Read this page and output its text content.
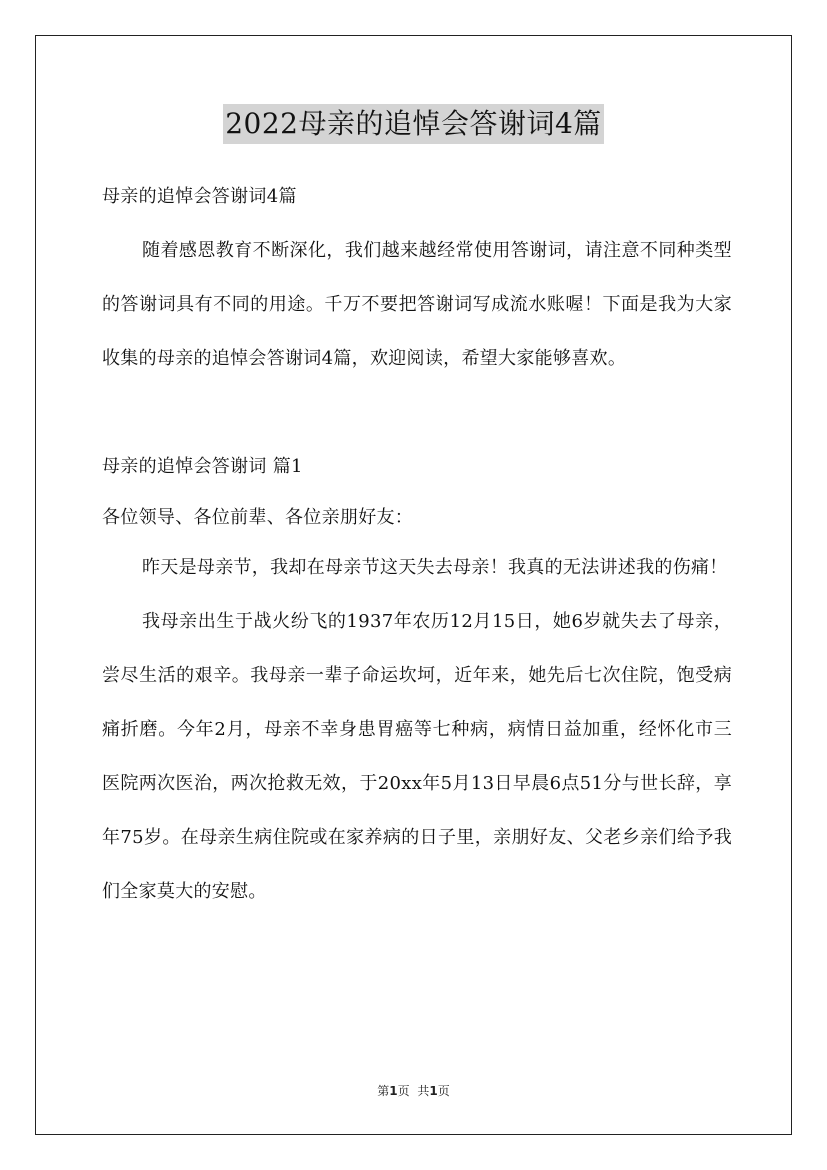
2022母亲的追悼会答谢词4篇

母亲的追悼会答谢词4篇

随着感恩教育不断深化，我们越来越经常使用答谢词，请注意不同种类型的答谢词具有不同的用途。千万不要把答谢词写成流水账喔！下面是我为大家收集的母亲的追悼会答谢词4篇，欢迎阅读，希望大家能够喜欢。

母亲的追悼会答谢词 篇1

各位领导、各位前辈、各位亲朋好友：

昨天是母亲节，我却在母亲节这天失去母亲！我真的无法讲述我的伤痛！

我母亲出生于战火纷飞的1937年农历12月15日，她6岁就失去了母亲，尝尽生活的艰辛。我母亲一辈子命运坎坷，近年来，她先后七次住院，饱受病痛折磨。今年2月，母亲不幸身患胃癌等七种病，病情日益加重，经怀化市三医院两次医治，两次抢救无效，于20xx年5月13日早晨6点51分与世长辞，享年75岁。在母亲生病住院或在家养病的日子里，亲朋好友、父老乡亲们给予我们全家莫大的安慰。

第1页 共1页
